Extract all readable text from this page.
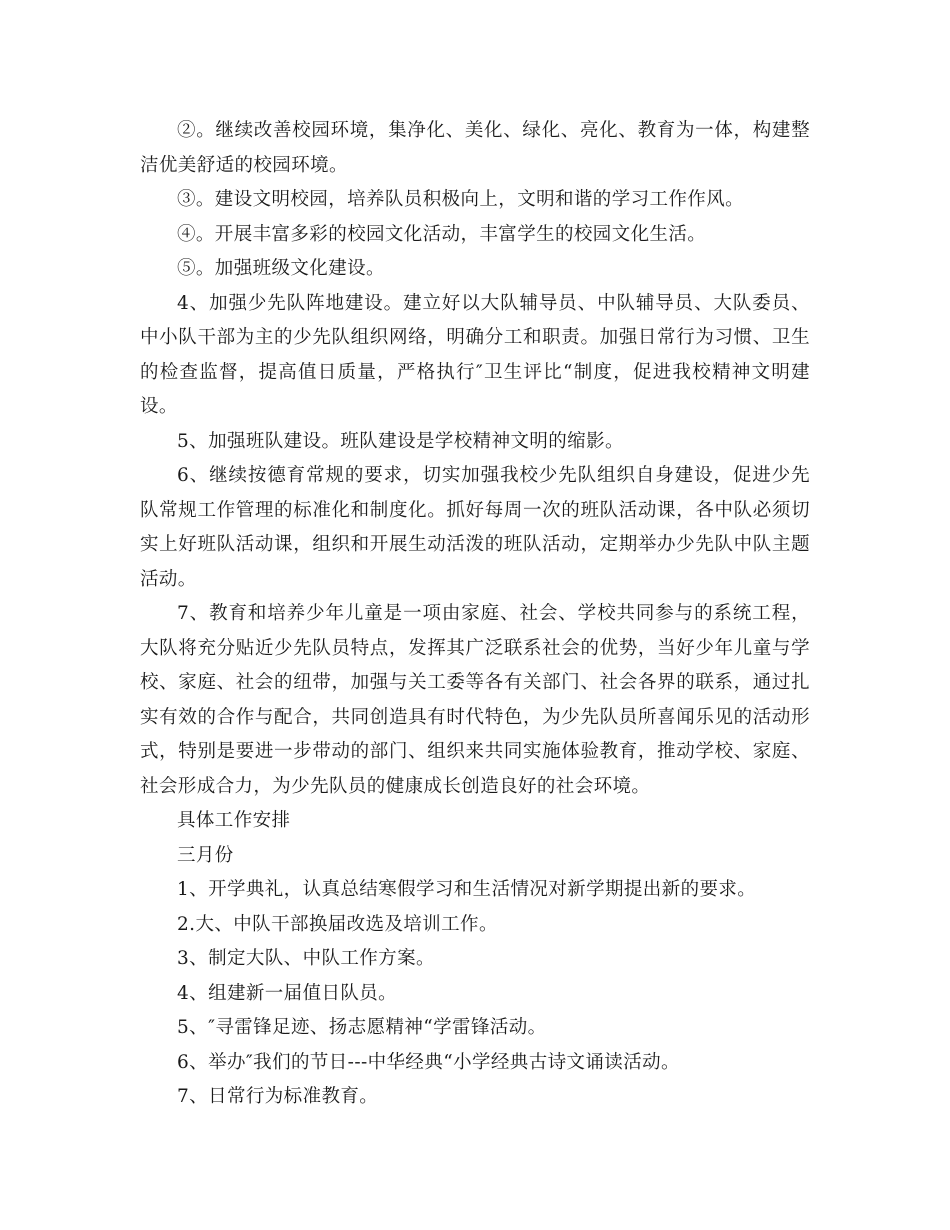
②。继续改善校园环境，集净化、美化、绿化、亮化、教育为一体，构建整洁优美舒适的校园环境。

③。建设文明校园，培养队员积极向上，文明和谐的学习工作作风。

④。开展丰富多彩的校园文化活动，丰富学生的校园文化生活。

⑤。加强班级文化建设。

4、加强少先队阵地建设。建立好以大队辅导员、中队辅导员、大队委员、中小队干部为主的少先队组织网络，明确分工和职责。加强日常行为习惯、卫生的检查监督，提高值日质量，严格执行″卫生评比“制度，促进我校精神文明建设。

5、加强班队建设。班队建设是学校精神文明的缩影。

6、继续按德育常规的要求，切实加强我校少先队组织自身建设，促进少先队常规工作管理的标准化和制度化。抓好每周一次的班队活动课，各中队必须切实上好班队活动课，组织和开展生动活泼的班队活动，定期举办少先队中队主题活动。

7、教育和培养少年儿童是一项由家庭、社会、学校共同参与的系统工程，大队将充分贴近少先队员特点，发挥其广泛联系社会的优势，当好少年儿童与学校、家庭、社会的纽带，加强与关工委等各有关部门、社会各界的联系，通过扎实有效的合作与配合，共同创造具有时代特色，为少先队员所喜闻乐见的活动形式，特别是要进一步带动的部门、组织来共同实施体验教育，推动学校、家庭、社会形成合力，为少先队员的健康成长创造良好的社会环境。

具体工作安排

三月份

1、开学典礼，认真总结寒假学习和生活情况对新学期提出新的要求。

2.大、中队干部换届改选及培训工作。

3、制定大队、中队工作方案。

4、组建新一届值日队员。

5、″寻雷锋足迹、扬志愿精神“学雷锋活动。

6、举办″我们的节日---中华经典“小学经典古诗文诵读活动。

7、日常行为标准教育。
